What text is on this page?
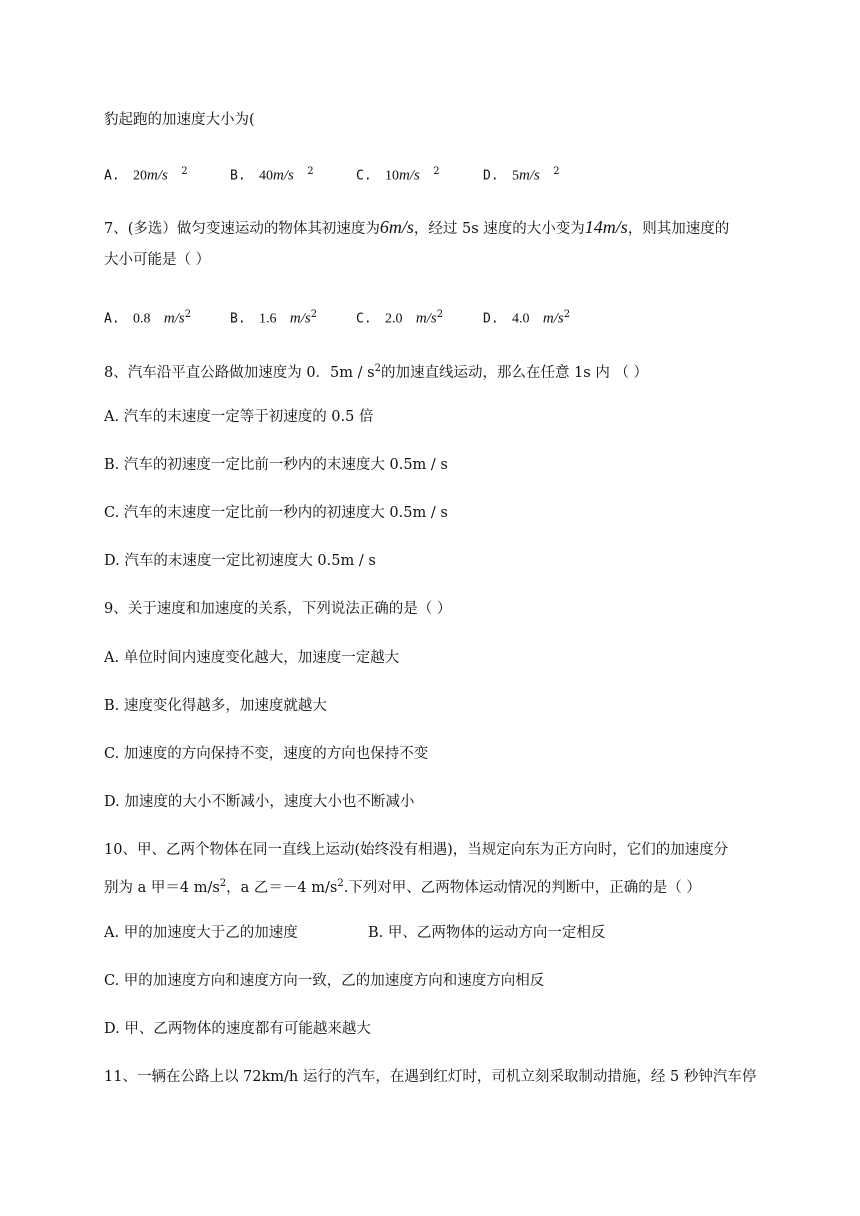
豹起跑的加速度大小为(
A. 20m/s $^2$	B. 40m/s $^2$	C. 10m/s $^2$	D. 5m/s $^2$
7、(多选）做匀变速运动的物体其初速度为6m/s，经过 5s 速度的大小变为14m/s，则其加速度的
大小可能是（ ）
A. 0.8 $m/s^2$	B. 1.6 $m/s^2$	C. 2.0 $m/s^2$	D. 4.0 $m/s^2$
8、汽车沿平直公路做加速度为 0．$5m / s^2$的加速直线运动，那么在任意 1s 内 （ ）
A. 汽车的末速度一定等于初速度的 0.5 倍
B. 汽车的初速度一定比前一秒内的末速度大 0.5m / s
C. 汽车的末速度一定比前一秒内的初速度大 0.5m / s
D. 汽车的末速度一定比初速度大 0.5m / s
9、关于速度和加速度的关系，下列说法正确的是（ ）
A. 单位时间内速度变化越大，加速度一定越大
B. 速度变化得越多，加速度就越大
C. 加速度的方向保持不变，速度的方向也保持不变
D. 加速度的大小不断减小，速度大小也不断减小
10、甲、乙两个物体在同一直线上运动(始终没有相遇)，当规定向东为正方向时，它们的加速度分
别为 a 甲＝4 $m/s^2$，a 乙＝－4 $m/s^2$.下列对甲、乙两物体运动情况的判断中，正确的是（ ）
A. 甲的加速度大于乙的加速度	B. 甲、乙两物体的运动方向一定相反
C. 甲的加速度方向和速度方向一致，乙的加速度方向和速度方向相反
D. 甲、乙两物体的速度都有可能越来越大
11、一辆在公路上以 72km/h 运行的汽车，在遇到红灯时，司机立刻采取制动措施，经 5 秒钟汽车停
